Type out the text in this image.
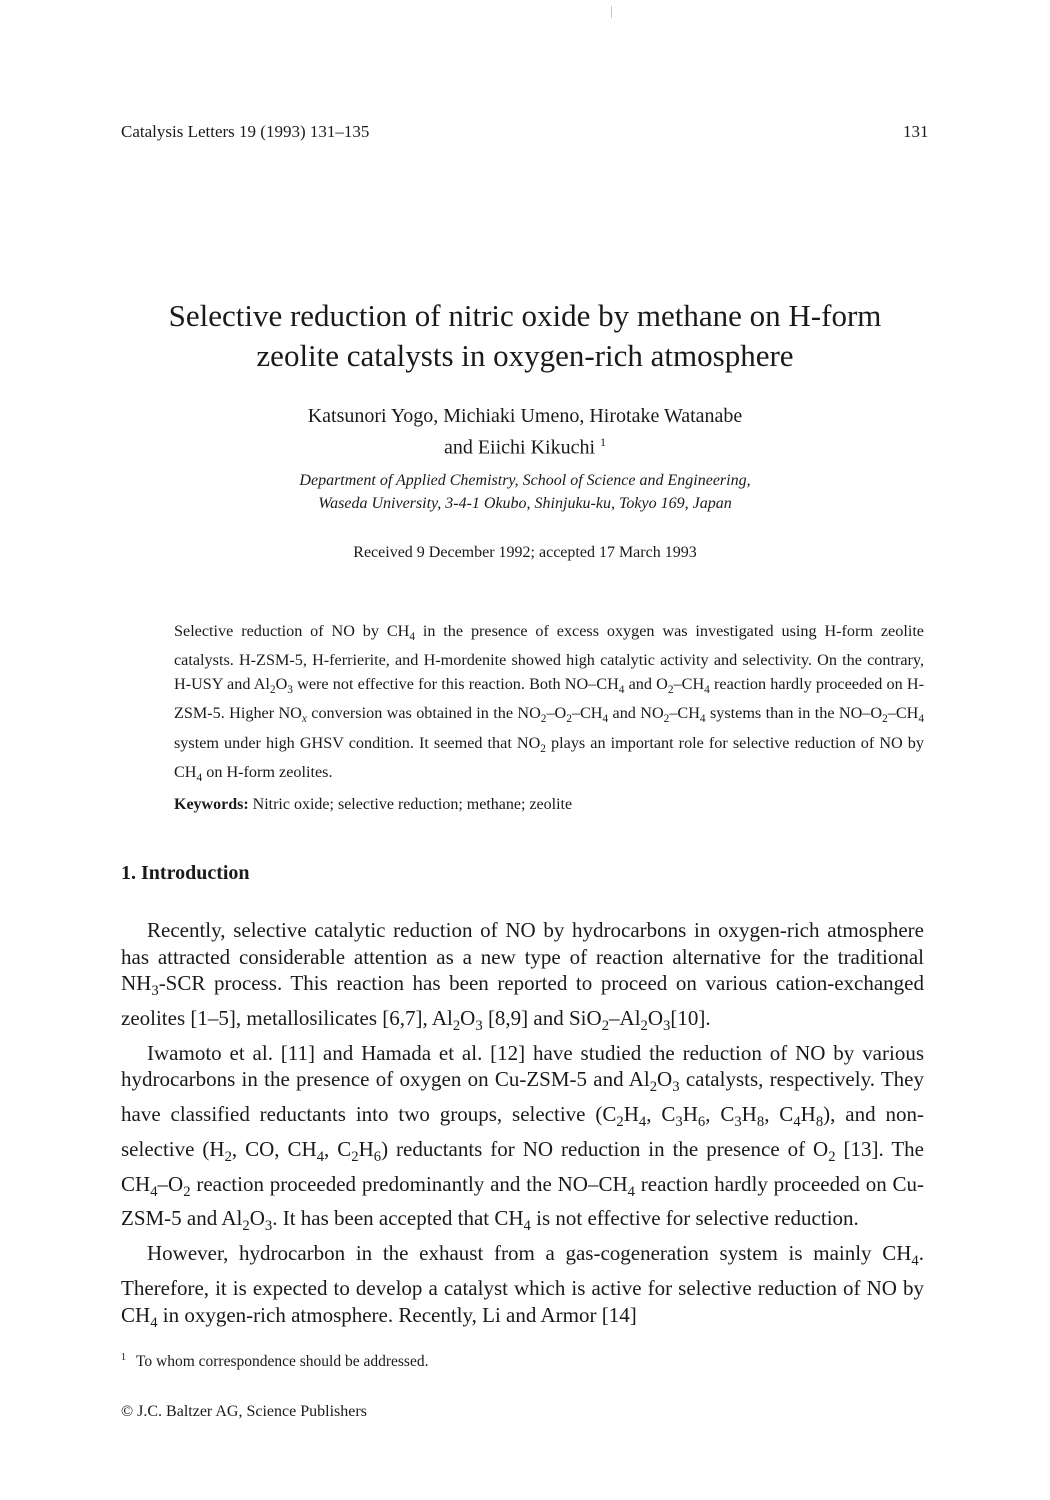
Catalysis Letters 19 (1993) 131–135	131
Selective reduction of nitric oxide by methane on H-form
zeolite catalysts in oxygen-rich atmosphere
Katsunori Yogo, Michiaki Umeno, Hirotake Watanabe
and Eiichi Kikuchi $^1$
Department of Applied Chemistry, School of Science and Engineering,
Waseda University, 3-4-1 Okubo, Shinjuku-ku, Tokyo 169, Japan
Received 9 December 1992; accepted 17 March 1993
Selective reduction of NO by $CH_4$ in the presence of excess oxygen was investigated using H-form zeolite catalysts. H-ZSM-5, H-ferrierite, and H-mordenite showed high catalytic activity and selectivity. On the contrary, H-USY and $Al_2O_3$ were not effective for this reaction. Both $NO-CH_4$ and $O_2-CH_4$ reaction hardly proceeded on H-ZSM-5. Higher $NO_x$ conversion was obtained in the $NO_2-O_2-CH_4$ and $NO_2-CH_4$ systems than in the $NO-O_2-CH_4$ system under high GHSV condition. It seemed that $NO_2$ plays an important role for selective reduction of NO by $CH_4$ on H-form zeolites.
Keywords: Nitric oxide; selective reduction; methane; zeolite
1. Introduction

Recently, selective catalytic reduction of NO by hydrocarbons in oxygen-rich atmosphere has attracted considerable attention as a new type of reaction alternative for the traditional $NH_3$-SCR process. This reaction has been reported to proceed on various cation-exchanged zeolites [1–5], metallosilicates [6,7], $Al_2O_3$ [8,9] and $SiO_2-Al_2O_3[10]$.

Iwamoto et al. [11] and Hamada et al. [12] have studied the reduction of NO by various hydrocarbons in the presence of oxygen on Cu-ZSM-5 and $Al_2O_3$ catalysts, respectively. They have classified reductants into two groups, selective ($C_2H_4$, $C_3H_6$, $C_3H_8$, $C_4H_8$), and non-selective ($H_2$, CO, $CH_4$, $C_2H_6$) reductants for NO reduction in the presence of $O_2$ [13]. The $CH_4-O_2$ reaction proceeded predominantly and the $NO-CH_4$ reaction hardly proceeded on Cu-ZSM-5 and $Al_2O_3$. It has been accepted that $CH_4$ is not effective for selective reduction.

However, hydrocarbon in the exhaust from a gas-cogeneration system is mainly $CH_4$. Therefore, it is expected to develop a catalyst which is active for selective reduction of NO by $CH_4$ in oxygen-rich atmosphere. Recently, Li and Armor [14]

$^1$ To whom correspondence should be addressed.
© J.C. Baltzer AG, Science Publishers
